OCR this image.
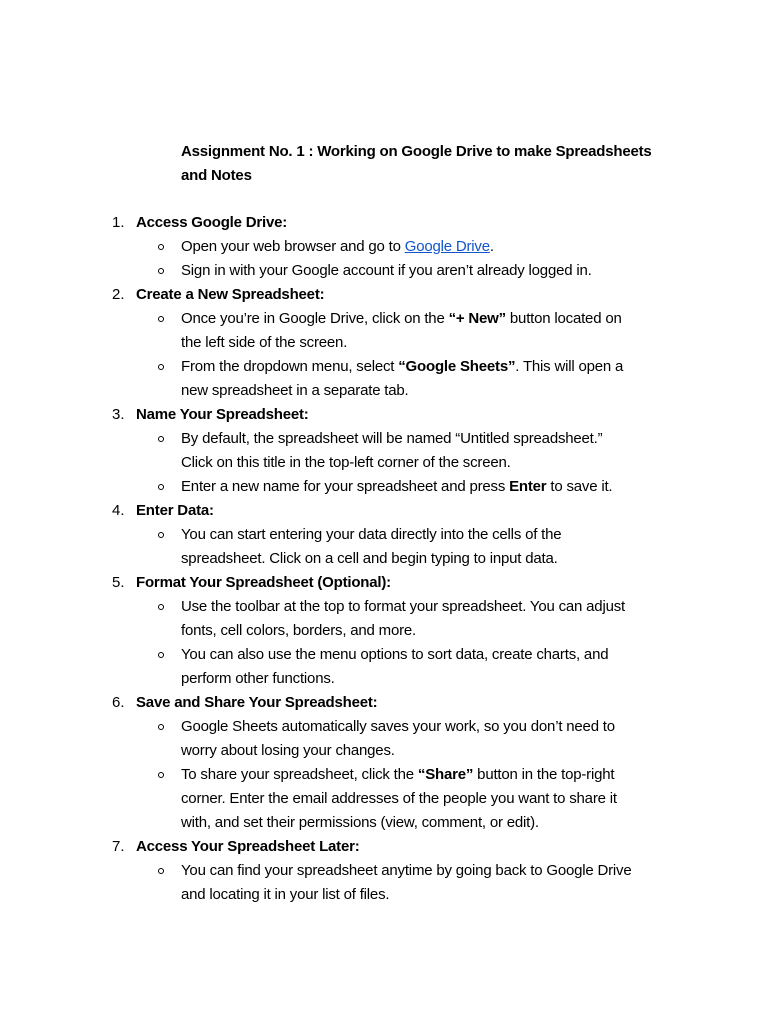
Assignment No. 1 : Working on Google Drive to make Spreadsheets
and Notes
1. Access Google Drive:
Open your web browser and go to Google Drive.
Sign in with your Google account if you aren’t already logged in.
2. Create a New Spreadsheet:
Once you’re in Google Drive, click on the “+ New” button located on
the left side of the screen.
From the dropdown menu, select “Google Sheets”. This will open a
new spreadsheet in a separate tab.
3. Name Your Spreadsheet:
By default, the spreadsheet will be named “Untitled spreadsheet.”
Click on this title in the top-left corner of the screen.
Enter a new name for your spreadsheet and press Enter to save it.
4. Enter Data:
You can start entering your data directly into the cells of the
spreadsheet. Click on a cell and begin typing to input data.
5. Format Your Spreadsheet (Optional):
Use the toolbar at the top to format your spreadsheet. You can adjust
fonts, cell colors, borders, and more.
You can also use the menu options to sort data, create charts, and
perform other functions.
6. Save and Share Your Spreadsheet:
Google Sheets automatically saves your work, so you don’t need to
worry about losing your changes.
To share your spreadsheet, click the “Share” button in the top-right
corner. Enter the email addresses of the people you want to share it
with, and set their permissions (view, comment, or edit).
7. Access Your Spreadsheet Later:
You can find your spreadsheet anytime by going back to Google Drive
and locating it in your list of files.
